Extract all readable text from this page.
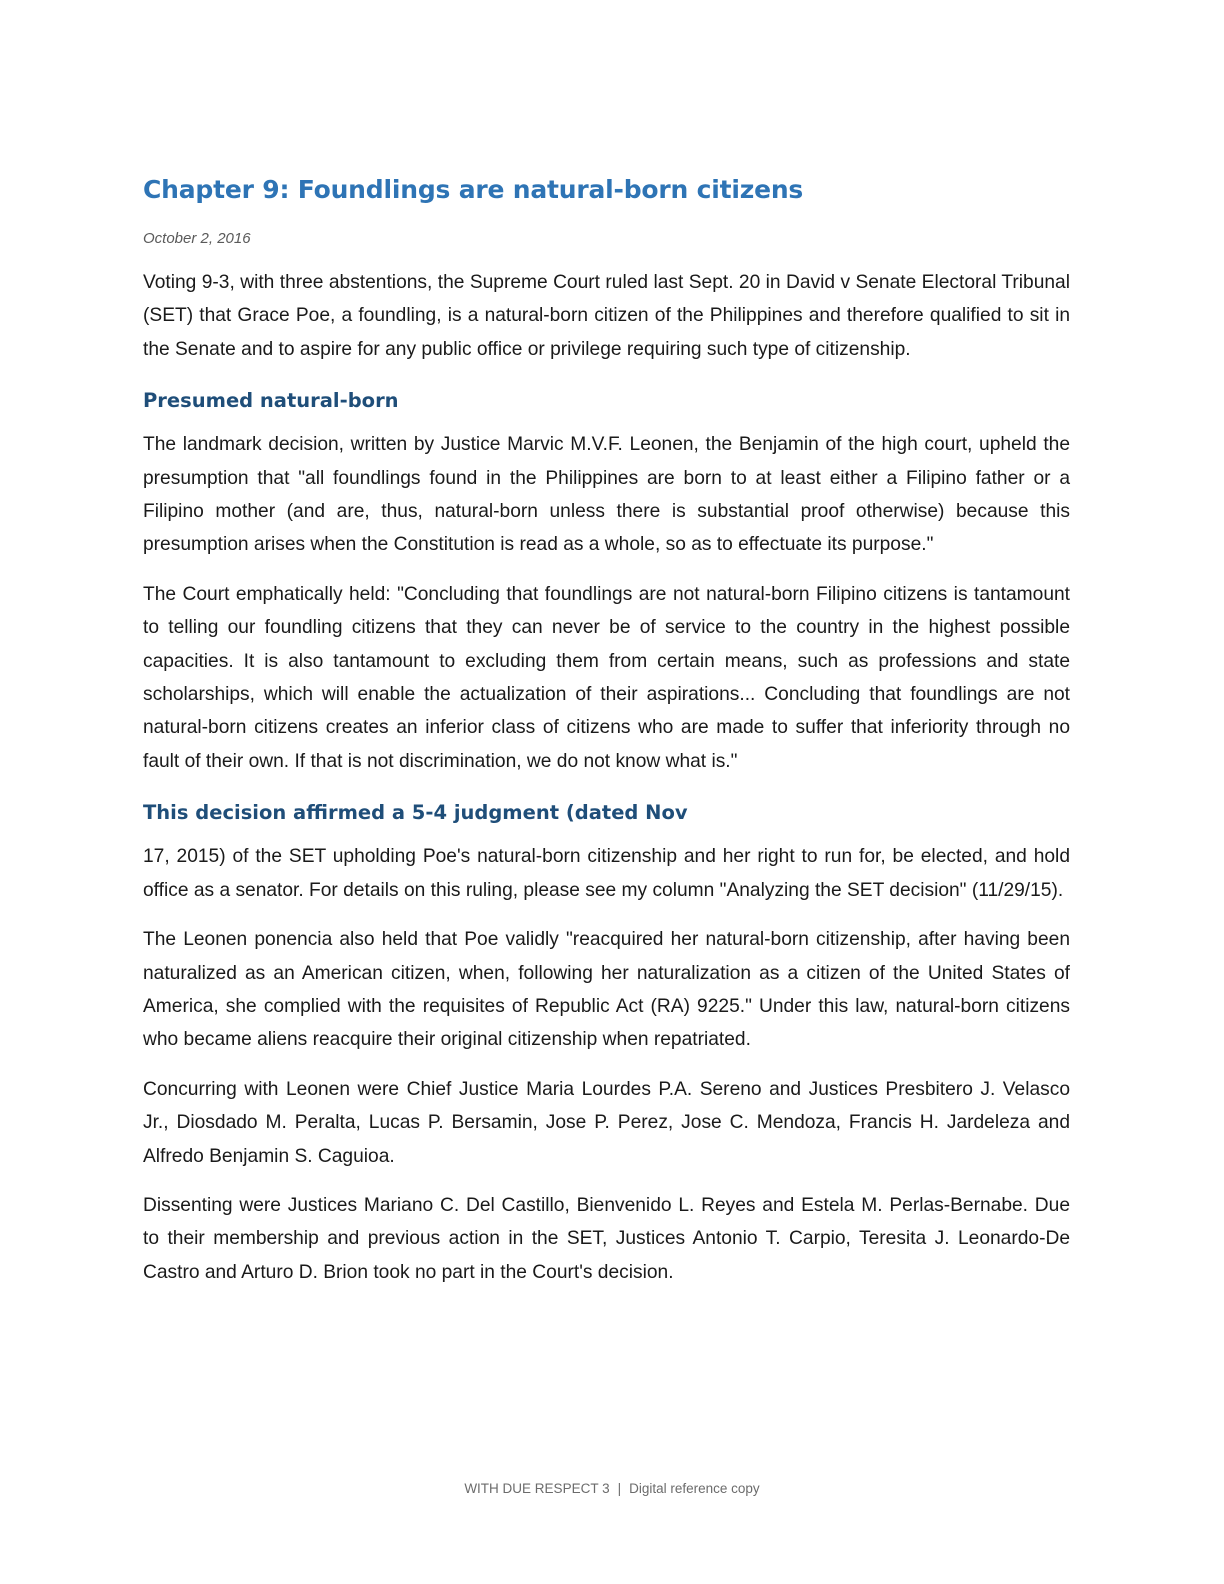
Chapter 9: Foundlings are natural-born citizens
October 2, 2016

Voting 9-3, with three abstentions, the Supreme Court ruled last Sept. 20 in David v Senate Electoral Tribunal (SET) that Grace Poe, a foundling, is a natural-born citizen of the Philippines and therefore qualified to sit in the Senate and to aspire for any public office or privilege requiring such type of citizenship.

Presumed natural-born

The landmark decision, written by Justice Marvic M.V.F. Leonen, the Benjamin of the high court, upheld the presumption that "all foundlings found in the Philippines are born to at least either a Filipino father or a Filipino mother (and are, thus, natural-born unless there is substantial proof otherwise) because this presumption arises when the Constitution is read as a whole, so as to effectuate its purpose."

The Court emphatically held: "Concluding that foundlings are not natural-born Filipino citizens is tantamount to telling our foundling citizens that they can never be of service to the country in the highest possible capacities. It is also tantamount to excluding them from certain means, such as professions and state scholarships, which will enable the actualization of their aspirations... Concluding that foundlings are not natural-born citizens creates an inferior class of citizens who are made to suffer that inferiority through no fault of their own. If that is not discrimination, we do not know what is."

This decision affirmed a 5-4 judgment (dated Nov

17, 2015) of the SET upholding Poe's natural-born citizenship and her right to run for, be elected, and hold office as a senator. For details on this ruling, please see my column "Analyzing the SET decision" (11/29/15).

The Leonen ponencia also held that Poe validly "reacquired her natural-born citizenship, after having been naturalized as an American citizen, when, following her naturalization as a citizen of the United States of America, she complied with the requisites of Republic Act (RA) 9225." Under this law, natural-born citizens who became aliens reacquire their original citizenship when repatriated.

Concurring with Leonen were Chief Justice Maria Lourdes P.A. Sereno and Justices Presbitero J. Velasco Jr., Diosdado M. Peralta, Lucas P. Bersamin, Jose P. Perez, Jose C. Mendoza, Francis H. Jardeleza and Alfredo Benjamin S. Caguioa.

Dissenting were Justices Mariano C. Del Castillo, Bienvenido L. Reyes and Estela M. Perlas-Bernabe. Due to their membership and previous action in the SET, Justices Antonio T. Carpio, Teresita J. Leonardo-De Castro and Arturo D. Brion took no part in the Court's decision.

WITH DUE RESPECT 3 | Digital reference copy
